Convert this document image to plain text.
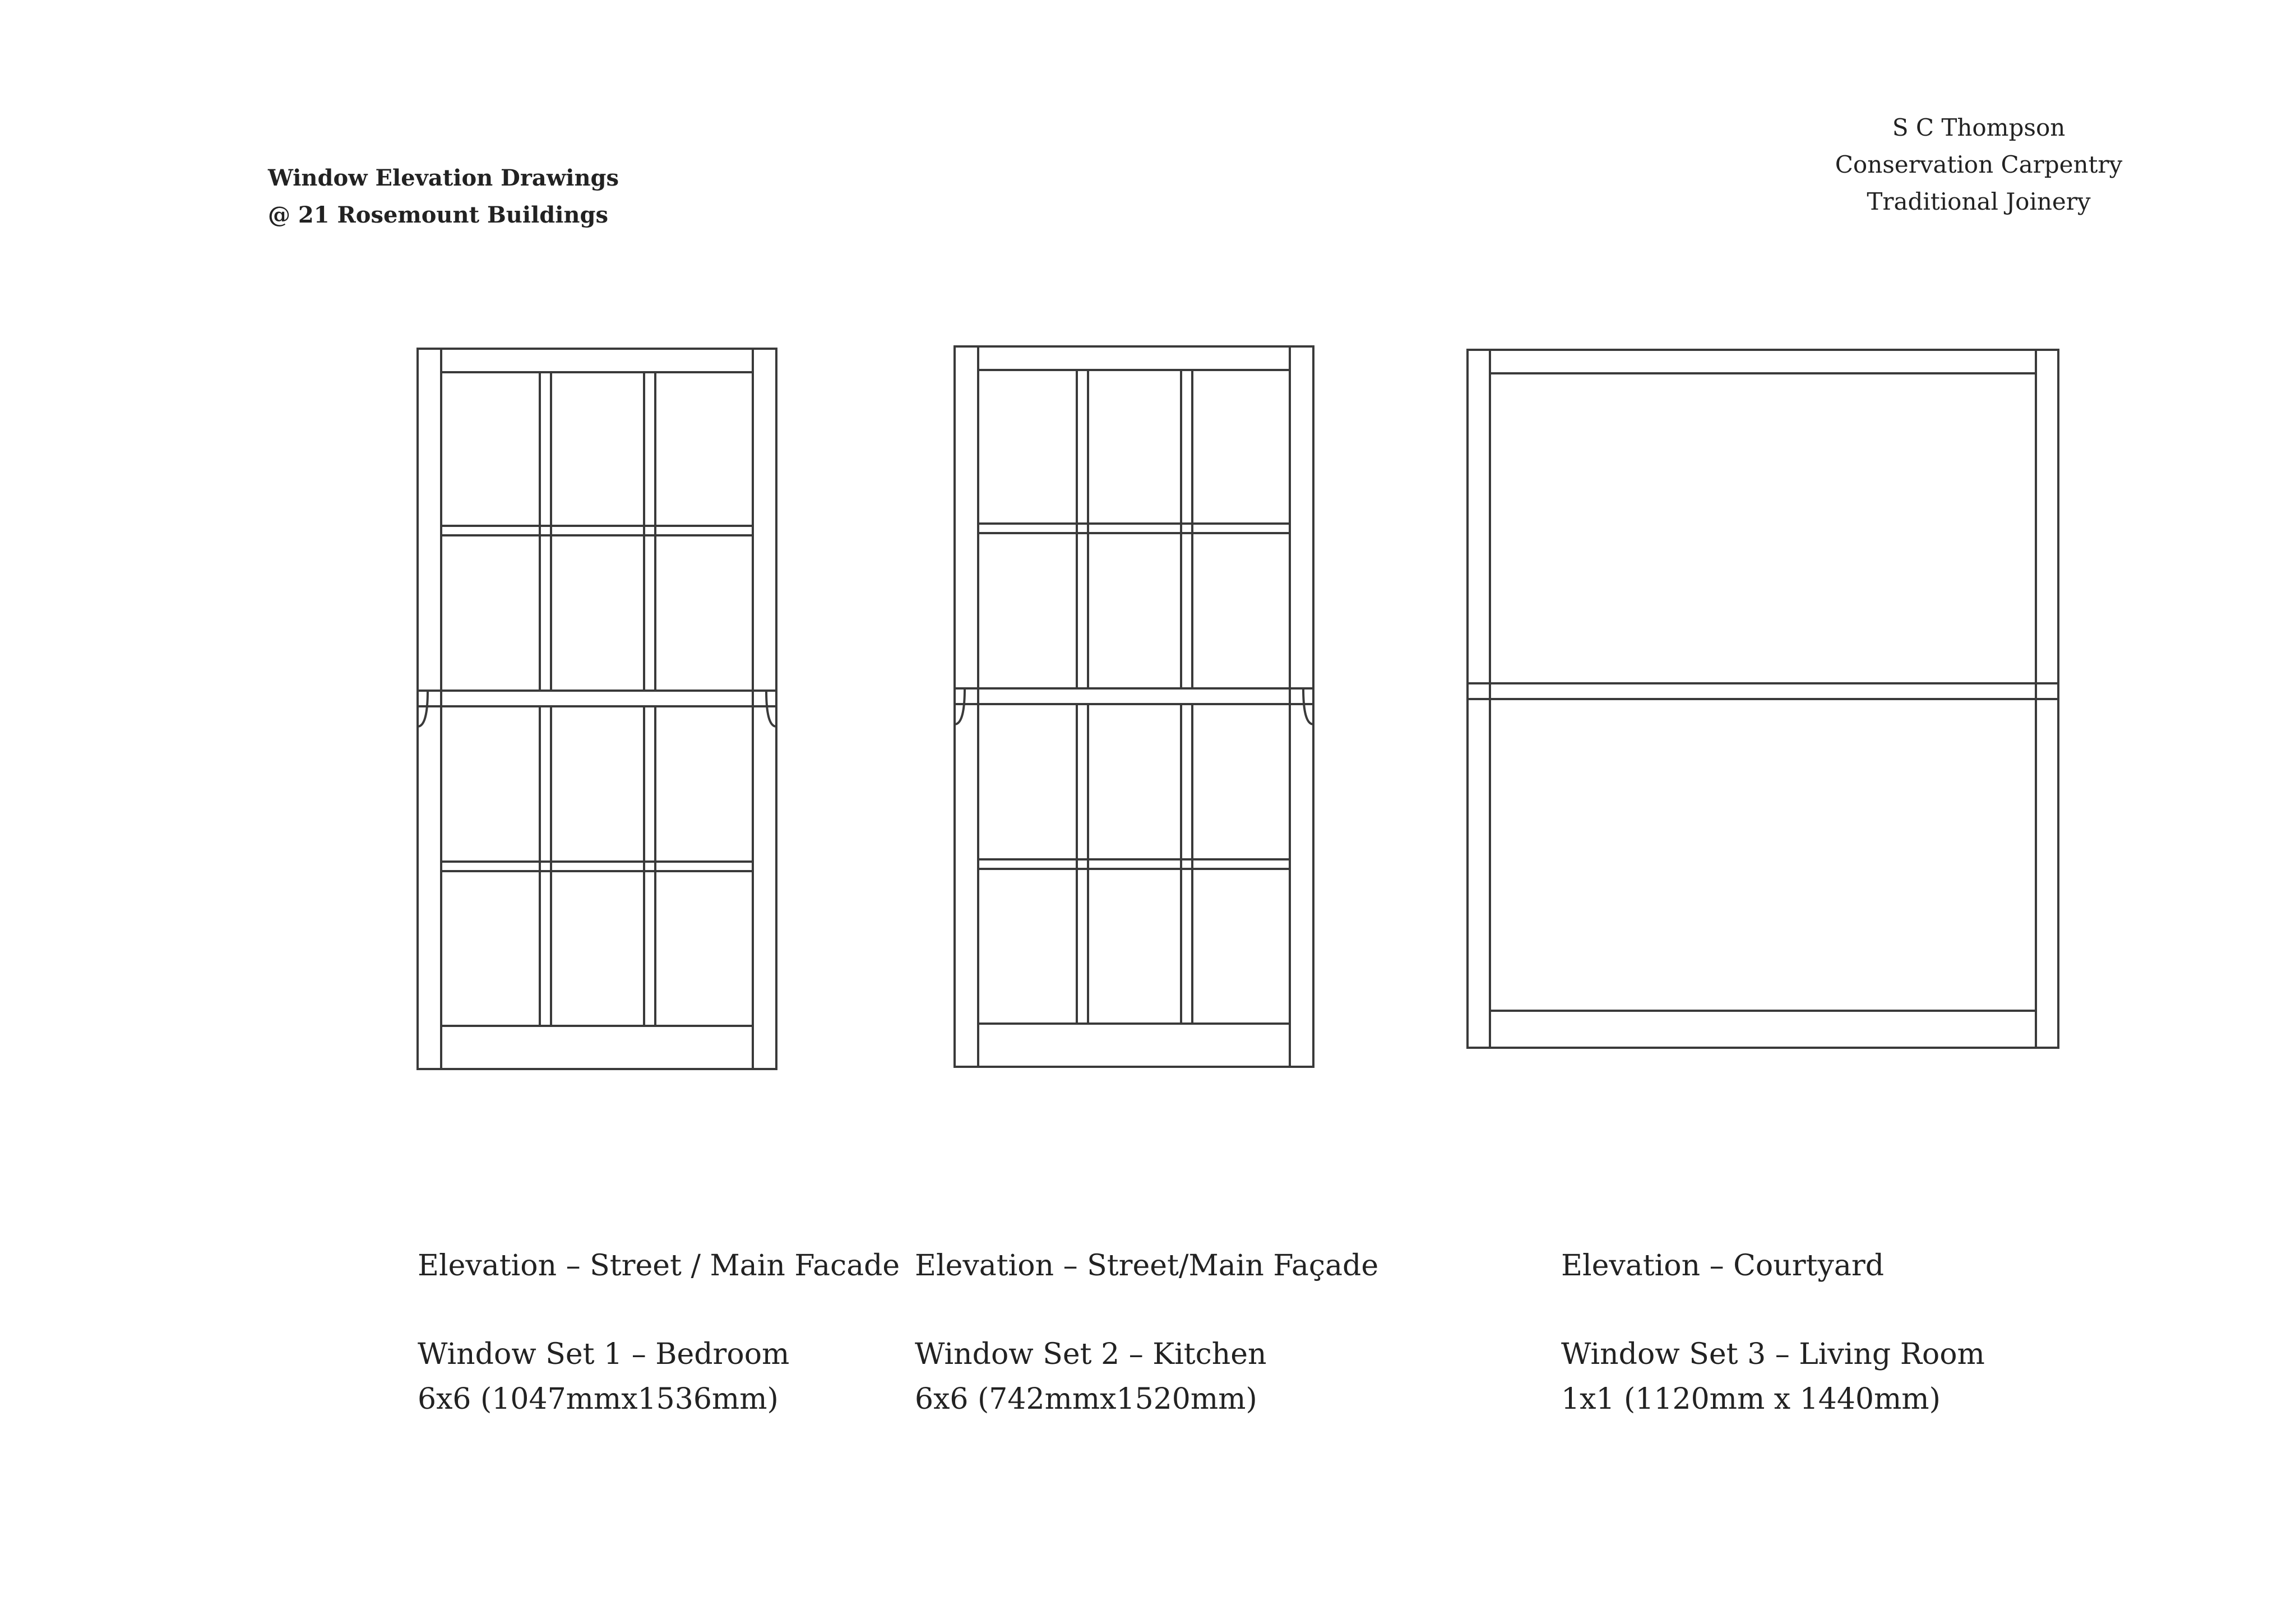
Window Elevation Drawings
@ 21 Rosemount Buildings
S C Thompson
Conservation Carpentry
Traditional Joinery
Elevation – Street / Main Facade
Window Set 1 – Bedroom
6x6 (1047mmx1536mm)
Elevation – Street/Main Façade
Window Set 2 – Kitchen
6x6 (742mmx1520mm)
Elevation – Courtyard
Window Set 3 – Living Room
1x1 (1120mm x 1440mm)
